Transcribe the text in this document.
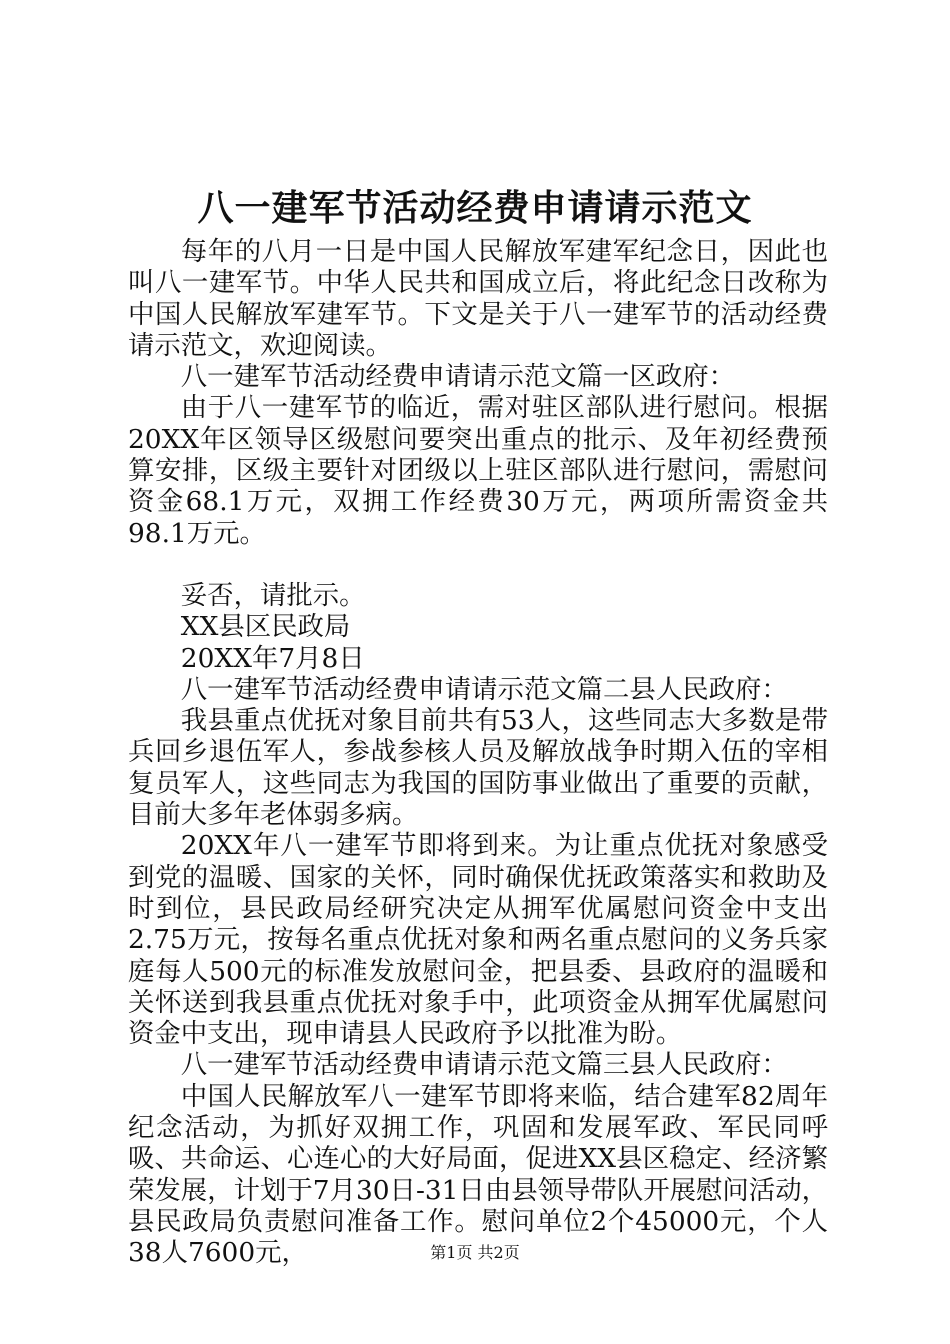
八一建军节活动经费申请请示范文

每年的八月一日是中国人民解放军建军纪念日，因此也叫八一建军节。中华人民共和国成立后，将此纪念日改称为中国人民解放军建军节。下文是关于八一建军节的活动经费请示范文，欢迎阅读。

八一建军节活动经费申请请示范文篇一区政府：

由于八一建军节的临近，需对驻区部队进行慰问。根据20XX年区领导区级慰问要突出重点的批示、及年初经费预算安排，区级主要针对团级以上驻区部队进行慰问，需慰问资金68.1万元，双拥工作经费30万元，两项所需资金共98.1万元。

妥否，请批示。

XX县区民政局

20XX年7月8日

八一建军节活动经费申请请示范文篇二县人民政府：

我县重点优抚对象目前共有53人，这些同志大多数是带兵回乡退伍军人，参战参核人员及解放战争时期入伍的宰相复员军人，这些同志为我国的国防事业做出了重要的贡献，目前大多年老体弱多病。

20XX年八一建军节即将到来。为让重点优抚对象感受到党的温暖、国家的关怀，同时确保优抚政策落实和救助及时到位，县民政局经研究决定从拥军优属慰问资金中支出2.75万元，按每名重点优抚对象和两名重点慰问的义务兵家庭每人500元的标准发放慰问金，把县委、县政府的温暖和关怀送到我县重点优抚对象手中，此项资金从拥军优属慰问资金中支出，现申请县人民政府予以批准为盼。

八一建军节活动经费申请请示范文篇三县人民政府：

中国人民解放军八一建军节即将来临，结合建军82周年纪念活动，为抓好双拥工作，巩固和发展军政、军民同呼吸、共命运、心连心的大好局面，促进XX县区稳定、经济繁荣发展，计划于7月30日-31日由县领导带队开展慰问活动，县民政局负责慰问准备工作。慰问单位2个45000元，个人38人7600元，	第1页 共2页
